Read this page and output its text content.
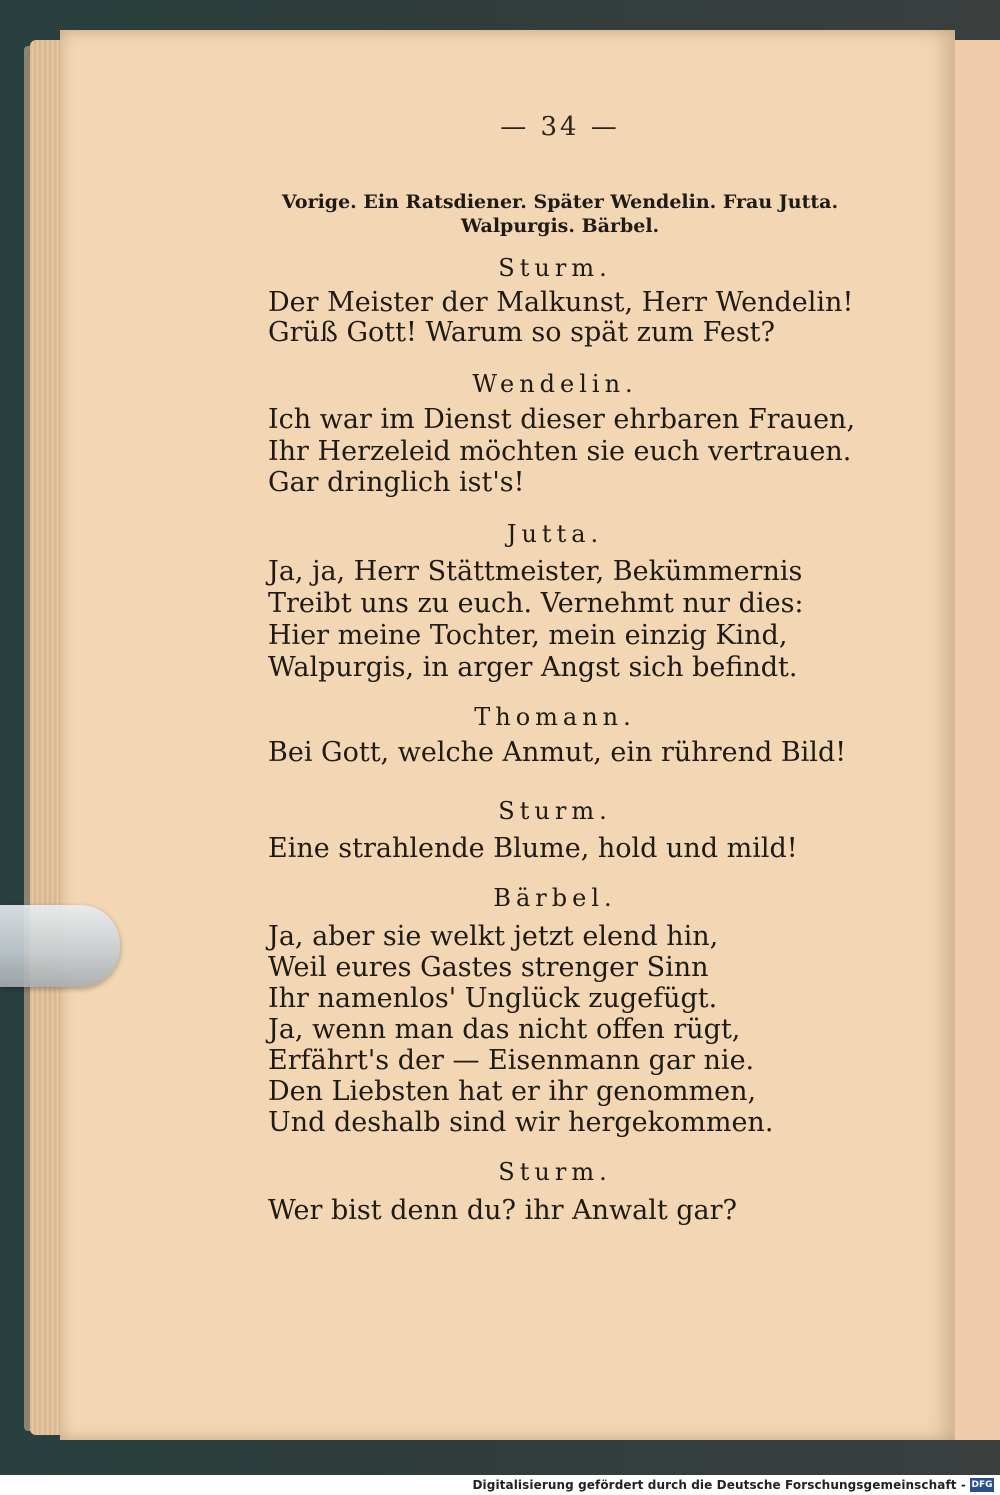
— 34 —
Vorige. Ein Ratsdiener. Später Wendelin. Frau Jutta.
Walpurgis. Bärbel.
Sturm.
Der Meister der Malkunst, Herr Wendelin!
Grüß Gott! Warum so spät zum Fest?
Wendelin.
Ich war im Dienst dieser ehrbaren Frauen,
Ihr Herzeleid möchten sie euch vertrauen.
Gar dringlich ist's!
Jutta.
Ja, ja, Herr Stättmeister, Bekümmernis
Treibt uns zu euch. Vernehmt nur dies:
Hier meine Tochter, mein einzig Kind,
Walpurgis, in arger Angst sich befindt.
Thomann.
Bei Gott, welche Anmut, ein rührend Bild!
Sturm.
Eine strahlende Blume, hold und mild!
Bärbel.
Ja, aber sie welkt jetzt elend hin,
Weil eures Gastes strenger Sinn
Ihr namenlos' Unglück zugefügt.
Ja, wenn man das nicht offen rügt,
Erfährt's der — Eisenmann gar nie.
Den Liebsten hat er ihr genommen,
Und deshalb sind wir hergekommen.
Sturm.
Wer bist denn du? ihr Anwalt gar?
Digitalisierung gefördert durch die Deutsche Forschungsgemeinschaft - DFG
